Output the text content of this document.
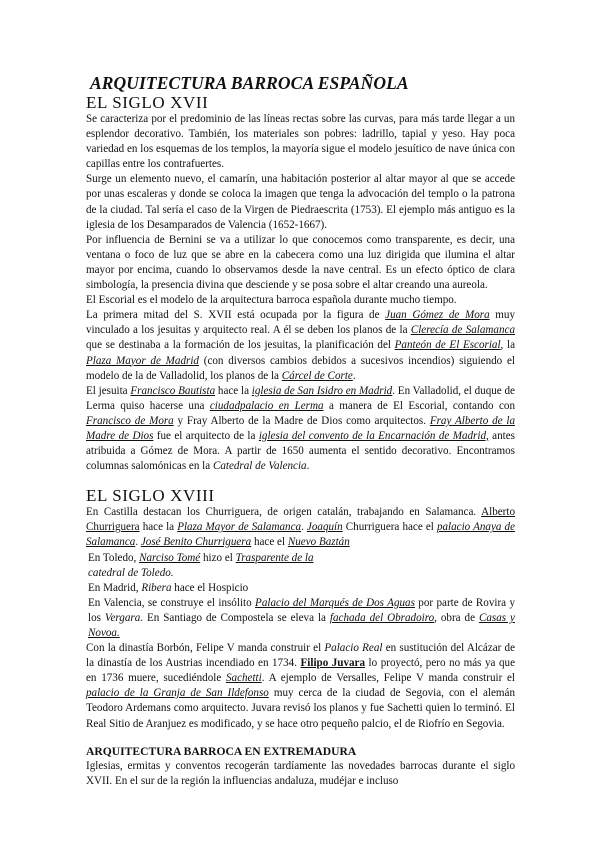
ARQUITECTURA BARROCA ESPAÑOLA
EL SIGLO XVII

Se caracteriza por el predominio de las líneas rectas sobre las curvas, para más tarde llegar a un esplendor decorativo. También, los materiales son pobres: ladrillo, tapial y yeso. Hay poca variedad en los esquemas de los templos, la mayoría sigue el modelo jesuítico de nave única con capillas entre los contrafuertes.

Surge un elemento nuevo, el camarín, una habitación posterior al altar mayor al que se accede por unas escaleras y donde se coloca la imagen que tenga la advocación del templo o la patrona de la ciudad. Tal sería el caso de la Virgen de Piedraescrita (1753). El ejemplo más antiguo es la iglesia de los Desamparados de Valencia (1652-1667).

Por influencia de Bernini se va a utilizar lo que conocemos como transparente, es decir, una ventana o foco de luz que se abre en la cabecera como una luz dirigida que ilumina el altar mayor por encima, cuando lo observamos desde la nave central. Es un efecto óptico de clara simbología, la presencia divina que desciende y se posa sobre el altar creando una aureola.

El Escorial es el modelo de la arquitectura barroca española durante mucho tiempo.

La primera mitad del S. XVII está ocupada por la figura de Juan Gómez de Mora muy vinculado a los jesuitas y arquitecto real. A él se deben los planos de la Clerecía de Salamanca que se destinaba a la formación de los jesuitas, la planificación del Panteón de El Escorial, la Plaza Mayor de Madrid (con diversos cambios debidos a sucesivos incendios) siguiendo el modelo de la de Valladolid, los planos de la Cárcel de Corte.

El jesuita Francisco Bautista hace la iglesia de San Isidro en Madrid. En Valladolid, el duque de Lerma quiso hacerse una ciudadpalacio en Lerma a manera de El Escorial, contando con Francisco de Mora y Fray Alberto de la Madre de Dios como arquitectos. Fray Alberto de la Madre de Dios fue el arquitecto de la iglesia del convento de la Encarnación de Madrid, antes atribuida a Gómez de Mora. A partir de 1650 aumenta el sentido decorativo. Encontramos columnas salomónicas en la Catedral de Valencia.

EL SIGLO XVIII

En Castilla destacan los Churriguera, de origen catalán, trabajando en Salamanca. Alberto Churriguera hace la Plaza Mayor de Salamanca. Joaquín Churriguera hace el palacio Anaya de Salamanca. José Benito Churriguera hace el Nuevo Baztán

En Toledo, Narciso Tomé hizo el Trasparente de la

catedral de Toledo.

En Madrid, Ribera hace el Hospicio

En Valencia, se construye el insólito Palacio del Marqués de Dos Aguas por parte de Rovira y los Vergara. En Santiago de Compostela se eleva la fachada del Obradoiro, obra de Casas y Novoa.

Con la dinastía Borbón, Felipe V manda construir el Palacio Real en sustitución del Alcázar de la dinastía de los Austrias incendiado en 1734. Filipo Juvara lo proyectó, pero no más ya que en 1736 muere, sucediéndole Sachetti. A ejemplo de Versalles, Felipe V manda construir el palacio de la Granja de San Ildefonso muy cerca de la ciudad de Segovia, con el alemán Teodoro Ardemans como arquitecto. Juvara revisó los planos y fue Sachetti quien lo terminó. El Real Sitio de Aranjuez es modificado, y se hace otro pequeño palcio, el de Riofrío en Segovia.

ARQUITECTURA BARROCA EN EXTREMADURA

Iglesias, ermitas y conventos recogerán tardíamente las novedades barrocas durante el siglo XVII. En el sur de la región la influencias andaluza, mudéjar e incluso
